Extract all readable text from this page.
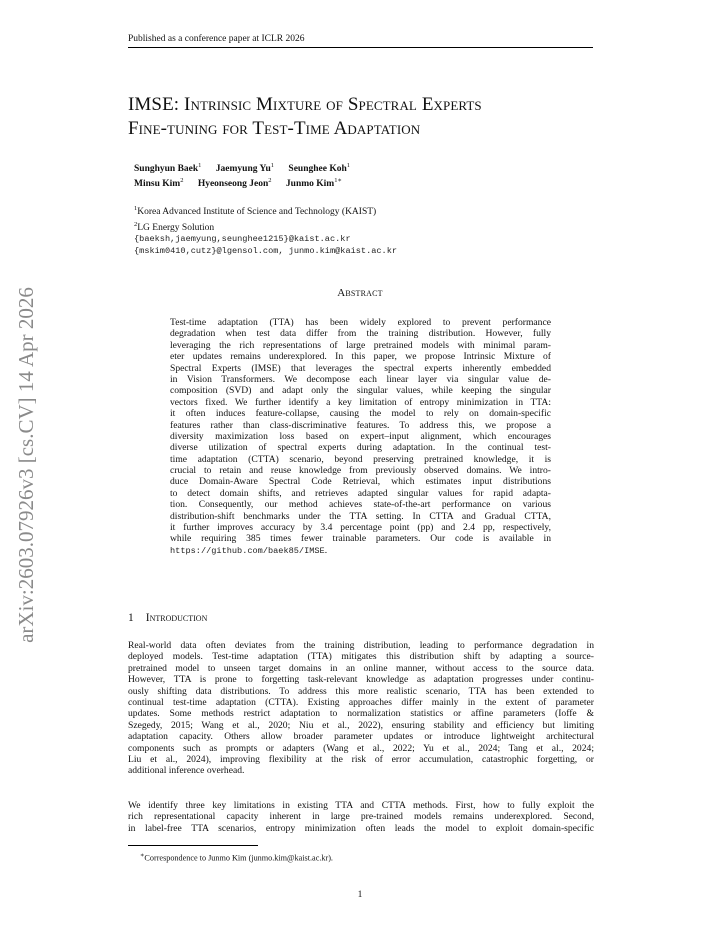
Published as a conference paper at ICLR 2026
IMSE: Intrinsic Mixture of Spectral Experts
Fine-tuning for Test-Time Adaptation
Sunghyun Baek$^1$ Jaemyung Yu$^1$ Seunghee Koh$^1$
Minsu Kim$^2$ Hyeonseong Jeon$^2$ Junmo Kim$^{1∗}$
$^1$Korea Advanced Institute of Science and Technology (KAIST)
$^2$LG Energy Solution
{baeksh,jaemyung,seunghee1215}@kaist.ac.kr
{mskim0410,cutz}@lgensol.com, junmo.kim@kaist.ac.kr
arXiv:2603.07926v3 [cs.CV] 14 Apr 2026	Abstract
Test-time adaptation (TTA) has been widely explored to prevent performance
degradation when test data differ from the training distribution. However, fully
leveraging the rich representations of large pretrained models with minimal param-
eter updates remains underexplored. In this paper, we propose Intrinsic Mixture of
Spectral Experts (IMSE) that leverages the spectral experts inherently embedded
in Vision Transformers. We decompose each linear layer via singular value de-
composition (SVD) and adapt only the singular values, while keeping the singular
vectors fixed. We further identify a key limitation of entropy minimization in TTA:
it often induces feature-collapse, causing the model to rely on domain-specific
features rather than class-discriminative features. To address this, we propose a
diversity maximization loss based on expert–input alignment, which encourages
diverse utilization of spectral experts during adaptation. In the continual test-
time adaptation (CTTA) scenario, beyond preserving pretrained knowledge, it is
crucial to retain and reuse knowledge from previously observed domains. We intro-
duce Domain-Aware Spectral Code Retrieval, which estimates input distributions
to detect domain shifts, and retrieves adapted singular values for rapid adapta-
tion. Consequently, our method achieves state-of-the-art performance on various
distribution-shift benchmarks under the TTA setting. In CTTA and Gradual CTTA,
it further improves accuracy by 3.4 percentage point (pp) and 2.4 pp, respectively,
while requiring 385 times fewer trainable parameters. Our code is available in
https://github.com/baek85/IMSE.
1 Introduction
Real-world data often deviates from the training distribution, leading to performance degradation in
deployed models. Test-time adaptation (TTA) mitigates this distribution shift by adapting a source-
pretrained model to unseen target domains in an online manner, without access to the source data.
However, TTA is prone to forgetting task-relevant knowledge as adaptation progresses under continu-
ously shifting data distributions. To address this more realistic scenario, TTA has been extended to
continual test-time adaptation (CTTA). Existing approaches differ mainly in the extent of parameter
updates. Some methods restrict adaptation to normalization statistics or affine parameters (Ioffe &
Szegedy, 2015; Wang et al., 2020; Niu et al., 2022), ensuring stability and efficiency but limiting
adaptation capacity. Others allow broader parameter updates or introduce lightweight architectural
components such as prompts or adapters (Wang et al., 2022; Yu et al., 2024; Tang et al., 2024;
Liu et al., 2024), improving flexibility at the risk of error accumulation, catastrophic forgetting, or
additional inference overhead.
We identify three key limitations in existing TTA and CTTA methods. First, how to fully exploit the
rich representational capacity inherent in large pre-trained models remains underexplored. Second,
in label-free TTA scenarios, entropy minimization often leads the model to exploit domain-specific
∗Correspondence to Junmo Kim (junmo.kim@kaist.ac.kr).
1
